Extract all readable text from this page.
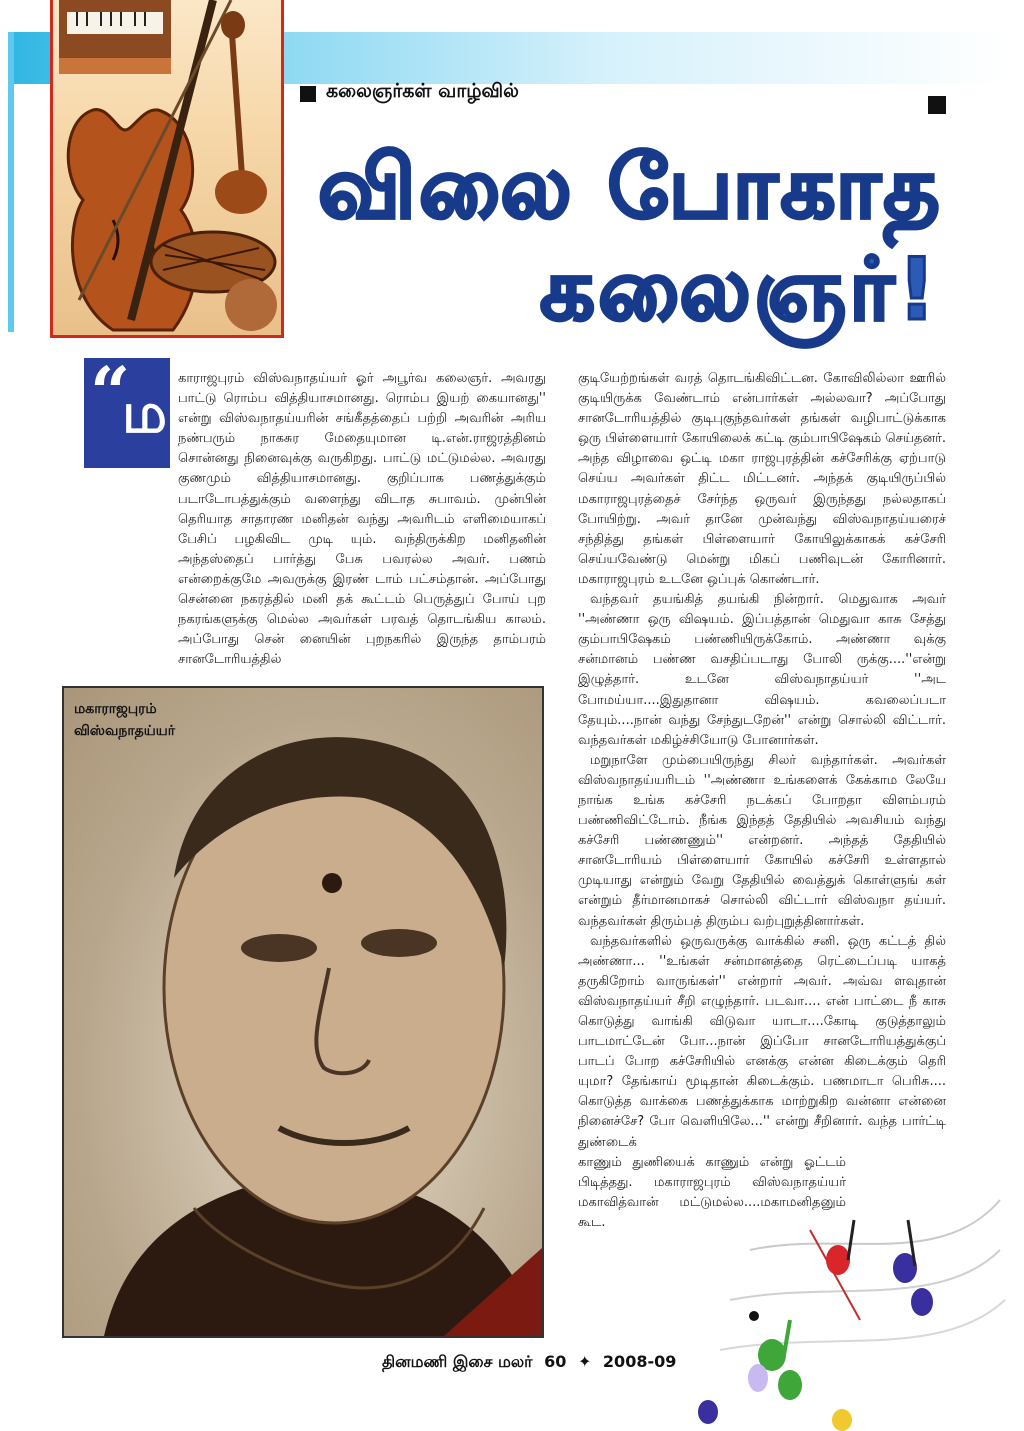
கலைஞர்கள் வாழ்வில்
விலை போகாத
கலைஞர்!
“
ம

காராஜபுரம் விஸ்வநாதய்யர் ஓர் அபூர்வ கலைஞர். அவரது பாட்டு ரொம்ப வித்தியாசமானது. ரொம்ப இயற் கையானது'' என்று விஸ்வநாதய்யரின் சங்கீதத்தைப் பற்றி அவரின் அரிய நண்பரும் நாகசுர மேதையுமான டி.என்.ராஜரத்தினம் சொன்னது நினைவுக்கு வருகிறது. பாட்டு மட்டுமல்ல. அவரது குணமும் வித்தியாசமானது. குறிப்பாக பணத்துக்கும் படாடோபத்துக்கும் வளைந்து விடாத சுபாவம். முன்பின் தெரியாத சாதாரண மனிதன் வந்து அவரிடம் எளிமையாகப் பேசிப் பழகிவிட முடி யும். வந்திருக்கிற மனிதனின் அந்தஸ்தைப் பார்த்து பேசு பவரல்ல அவர். பணம் என்றைக்குமே அவருக்கு இரண் டாம் பட்சம்தான். அப்போது சென்னை நகரத்தில் மனி தக் கூட்டம் பெருத்துப் போய் புற நகரங்களுக்கு மெல்ல அவர்கள் பரவத் தொடங்கிய காலம். அப்போது சென் னையின் புறநகரில் இருந்த தாம்பரம் சானடோரியத்தில்

குடியேற்றங்கள் வரத் தொடங்கிவிட்டன. கோவிலில்லா ஊரில் குடியிருக்க வேண்டாம் என்பார்கள் அல்லவா? அப்போது சானடோரியத்தில் குடிபுகுந்தவர்கள் தங்கள் வழிபாட்டுக்காக ஒரு பிள்ளையார் கோயிலைக் கட்டி கும்பாபிஷேகம் செய்தனர். அந்த விழாவை ஒட்டி மகா ராஜபுரத்தின் கச்சேரிக்கு ஏற்பாடு செய்ய அவர்கள் திட்ட மிட்டனர். அந்தக் குடியிருப்பில் மகாராஜபுரத்தைச் சேர்ந்த ஒருவர் இருந்தது நல்லதாகப் போயிற்று. அவர் தானே முன்வந்து விஸ்வநாதய்யரைச் சந்தித்து தங்கள் பிள்ளையார் கோயிலுக்காகக் கச்சேரி செய்யவேண்டு மென்று மிகப் பணிவுடன் கோரினார். மகாராஜபுரம் உடனே ஒப்புக் கொண்டார்.

வந்தவர் தயங்கித் தயங்கி நின்றார். மெதுவாக அவர் ''அண்ணா ஒரு விஷயம். இப்பத்தான் மெதுவா காசு சேத்து கும்பாபிஷேகம் பண்ணியிருக்கோம். அண்ணா வுக்கு சன்மானம் பண்ண வசதிப்படாது போலி ருக்கு....''என்று இழுத்தார். உடனே விஸ்வநாதய்யர் ''அட போமய்யா....இதுதானா விஷயம். கவலைப்படா தேயும்....நான் வந்து சேந்துடறேன்'' என்று சொல்லி விட்டார். வந்தவர்கள் மகிழ்ச்சியோடு போனார்கள்.

மறுநாளே மும்பையிருந்து சிலர் வந்தார்கள். அவர்கள் விஸ்வநாதய்யரிடம் ''அண்ணா உங்களைக் கேக்காம லேயே நாங்க உங்க கச்சேரி நடக்கப் போறதா விளம்பரம் பண்ணிவிட்டோம். நீங்க இந்தத் தேதியில் அவசியம் வந்து கச்சேரி பண்ணணும்'' என்றனர். அந்தத் தேதியில் சானடோரியம் பிள்ளையார் கோயில் கச்சேரி உள்ளதால் முடியாது என்றும் வேறு தேதியில் வைத்துக் கொள்ளுங் கள் என்றும் தீர்மானமாகச் சொல்லி விட்டார் விஸ்வநா தய்யர். வந்தவர்கள் திரும்பத் திரும்ப வற்புறுத்தினார்கள்.

வந்தவர்களில் ஒருவருக்கு வாக்கில் சனி. ஒரு கட்டத் தில் அண்ணா... ''உங்கள் சன்மானத்தை ரெட்டைப்படி யாகத் தருகிறோம் வாருங்கள்'' என்றார் அவர். அவ்வ ளவுதான் விஸ்வநாதய்யர் சீறி எழுந்தார். படவா.... என் பாட்டை நீ காசு கொடுத்து வாங்கி விடுவா யாடா....கோடி குடுத்தாலும் பாடமாட்டேன் போ...நான் இப்போ சானடோரியத்துக்குப் பாடப் போற கச்சேரியில் எனக்கு என்ன கிடைக்கும் தெரி யுமா? தேங்காய் மூடிதான் கிடைக்கும். பணமாடா பெரிசு.... கொடுத்த வாக்கை பணத்துக்காக மாற்றுகிற வன்னா என்னை நினைச்சே? போ வெளியிலே...'' என்று சீறினார். வந்த பார்ட்டி துண்டைக்

காணும் துணியைக் காணும் என்று ஓட்டம் பிடித்தது. மகாராஜபுரம் விஸ்வநாதய்யர் மகாவித்வான் மட்டுமல்ல....மகாமனிதனும் கூட.

மகாராஜபுரம்
விஸ்வநாதய்யர்
தினமணி இசை மலர் 60 ✦ 2008-09
